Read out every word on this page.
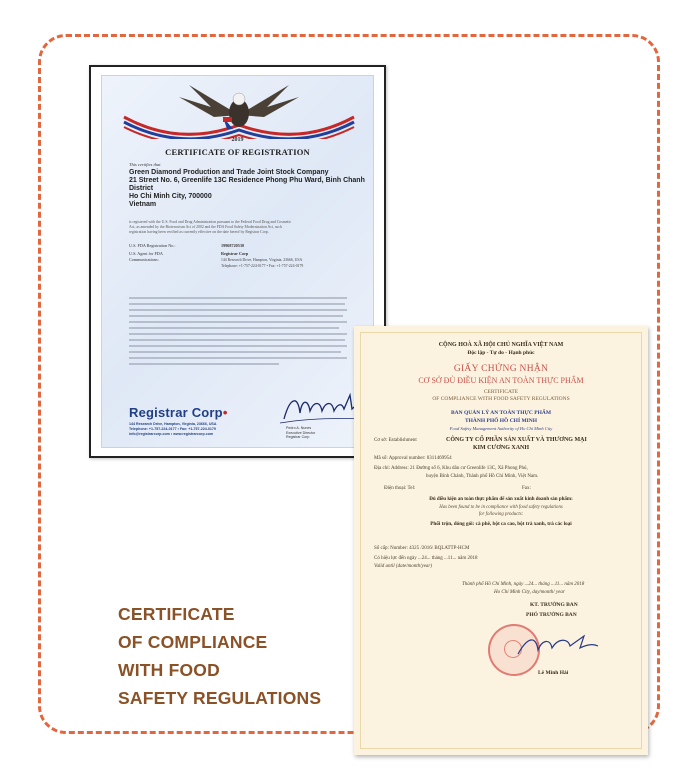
2019
CERTIFICATE OF REGISTRATION
This certifies that
Green Diamond Production and Trade Joint Stock Company
21 Street No. 6, Greenlife 13C Residence Phong Phu Ward, Binh Chanh
District
Ho Chi Minh City, 700000
Vietnam
is registered with the U.S. Food and Drug Administration pursuant to the Federal Food Drug and Cosmetic
Act, as amended by the Bioterrorism Act of 2002 and the FDA Food Safety Modernization Act, such
registration having been verified as currently effective on the date hereof by Registrar Corp.
U.S. FDA Registration No.:	19968720530
U.S. Agent for FDA	Registrar Corp
Communications:	144 Research Drive, Hampton, Virginia, 23666, USA
Telephone: +1-757-224-0177 • Fax: +1-757-224-0179
Registrar Corp•
144 Research Drive, Hampton, Virginia, 23666, USA
Telephone: +1-757-224-0177 • Fax: +1-757-224-0179
info@registrarcorp.com • www.registrarcorp.com
Pedro A. Nunes
Executive Director
Registrar Corp
CỘNG HOÀ XÃ HỘI CHỦ NGHĨA VIỆT NAM
Độc lập - Tự do - Hạnh phúc
GIẤY CHỨNG NHẬN
CƠ SỞ ĐỦ ĐIỀU KIỆN AN TOÀN THỰC PHẨM
CERTIFICATE
OF COMPLIANCE WITH FOOD SAFETY REGULATIONS
BAN QUẢN LÝ AN TOÀN THỰC PHẨM
THÀNH PHỐ HỒ CHÍ MINH
Food Safety Management Authority of Ho Chi Minh City
Cơ sở: Establishment	CÔNG TY CỔ PHẦN SẢN XUẤT VÀ THƯƠNG MẠI
KIM CƯƠNG XANH
Mã số: Approval number: 0311469954
Địa chỉ: Address: 21 Đường số 6, Khu dân cư Greenlife 13C, Xã Phong Phú,
huyện Bình Chánh, Thành phố Hồ Chí Minh, Việt Nam.
Điện thoại: Tel:	Fax:
Đủ điều kiện an toàn thực phẩm để sản xuất kinh doanh sản phẩm:
Has been found to be in compliance with food safety regulations
for following products:
Phối trộn, đóng gói: cà phê, bột ca cao, bột trà xanh, trà các loại
Số cấp: Number: 4325 /2016/ BQLATTP-HCM
Có hiệu lực đến ngày ...24... tháng ...11... năm 2018
Valid until (date/month/year)
Thành phố Hồ Chí Minh, ngày ...24... tháng ...11... năm 2018
Ho Chi Minh City, day/month/ year
KT. TRƯỞNG BAN
PHÓ TRƯỞNG BAN
Lê Minh Hải
CERTIFICATE
OF COMPLIANCE
WITH FOOD
SAFETY REGULATIONS
